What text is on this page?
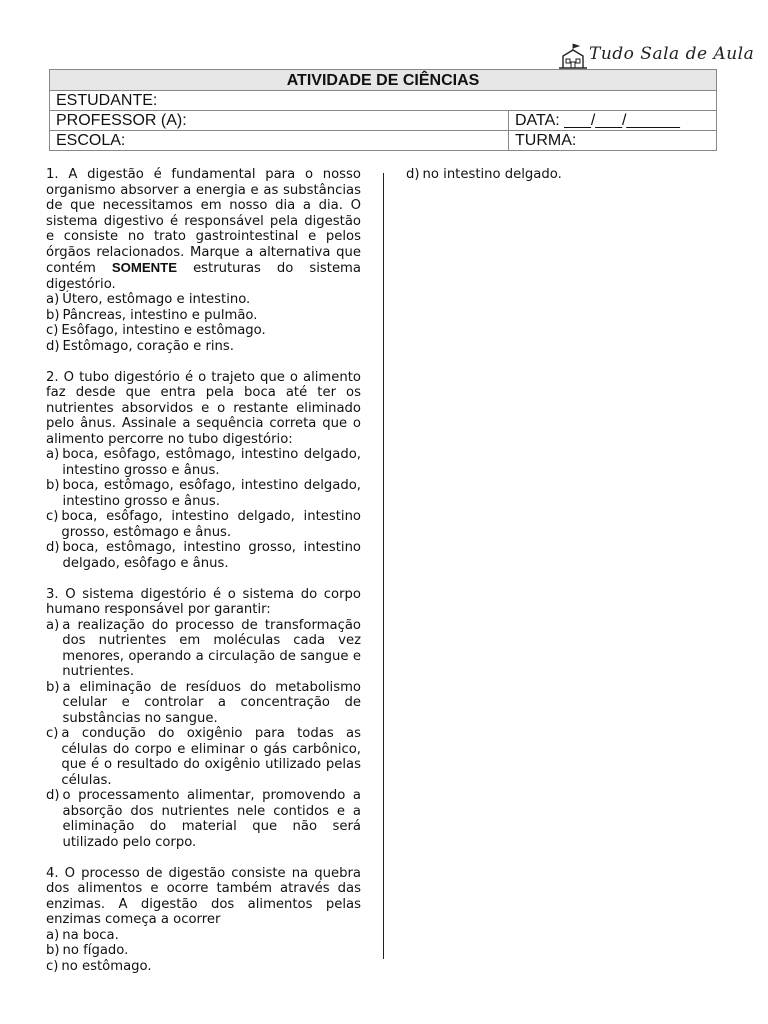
Tudo Sala de Aula
ATIVIDADE DE CIÊNCIAS	
ESTUDANTE:	
PROFESSOR (A):	DATA: ___/___/______
ESCOLA:	TURMA:

1. A digestão é fundamental para o nosso organismo absorver a energia e as substâncias de que necessitamos em nosso dia a dia. O sistema digestivo é responsável pela digestão e consiste no trato gastrointestinal e pelos órgãos relacionados. Marque a alternativa que contém SOMENTE estruturas do sistema digestório.

a) Útero, estômago e intestino.
b) Pâncreas, intestino e pulmão.
c) Esôfago, intestino e estômago.
d) Estômago, coração e rins.

2. O tubo digestório é o trajeto que o alimento faz desde que entra pela boca até ter os nutrientes absorvidos e o restante eliminado pelo ânus. Assinale a sequência correta que o alimento percorre no tubo digestório:

a) boca, esôfago, estômago, intestino delgado, intestino grosso e ânus.
b) boca, estômago, esôfago, intestino delgado, intestino grosso e ânus.
c) boca, esôfago, intestino delgado, intestino grosso, estômago e ânus.
d) boca, estômago, intestino grosso, intestino delgado, esôfago e ânus.

3. O sistema digestório é o sistema do corpo humano responsável por garantir:

a) a realização do processo de transformação dos nutrientes em moléculas cada vez menores, operando a circulação de sangue e nutrientes.
b) a eliminação de resíduos do metabolismo celular e controlar a concentração de substâncias no sangue.
c) a condução do oxigênio para todas as células do corpo e eliminar o gás carbônico, que é o resultado do oxigênio utilizado pelas células.
d) o processamento alimentar, promovendo a absorção dos nutrientes nele contidos e a eliminação do material que não será utilizado pelo corpo.

4. O processo de digestão consiste na quebra dos alimentos e ocorre também através das enzimas. A digestão dos alimentos pelas enzimas começa a ocorrer

a) na boca.
b) no fígado.
c) no estômago.
d) no intestino delgado.
